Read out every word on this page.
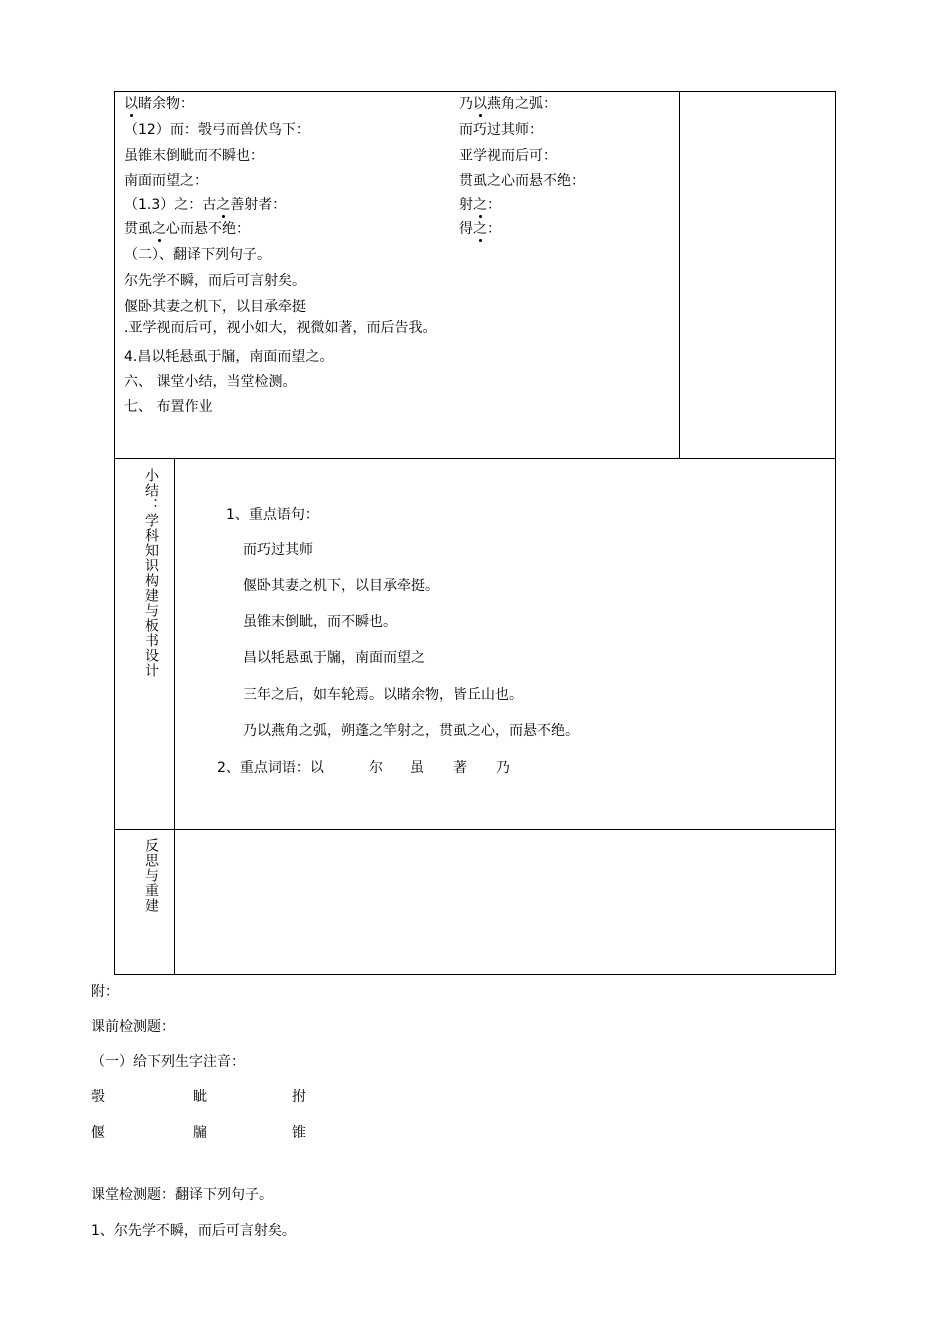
以睹余物：
（12）而：彀弓而兽伏鸟下：
虽锥末倒眦而不瞬也：
南面而望之：
（1.3）之：古之善射者：
贯虱之心而悬不绝：
乃以燕角之弧：
而巧过其师：
亚学视而后可：
贯虱之心而悬不绝：
射之：
得之：
（二）、翻译下列句子。
尔先学不瞬，而后可言射矣。
偃卧其妻之机下，以目承牵挺
.亚学视而后可，视小如大，视微如著，而后告我。
4.昌以牦悬虱于牖，南面而望之。
六、 课堂小结，当堂检测。
七、 布置作业
小结：学科知识构建与板书设计	1、重点语句：
而巧过其师
偃卧其妻之机下，以目承牵挺。
虽锥末倒眦，而不瞬也。
昌以牦悬虱于牖，南面而望之
三年之后，如车轮焉。以睹余物，皆丘山也。
乃以燕角之弧，朔蓬之竿射之，贯虱之心，而悬不绝。
2、重点词语：以	尔 虽 著 乃
反思与重建
附：
课前检测题：
（一）给下列生字注音：
彀	眦	拊
偃	牖	锥
课堂检测题：翻译下列句子。
1、尔先学不瞬，而后可言射矣。
